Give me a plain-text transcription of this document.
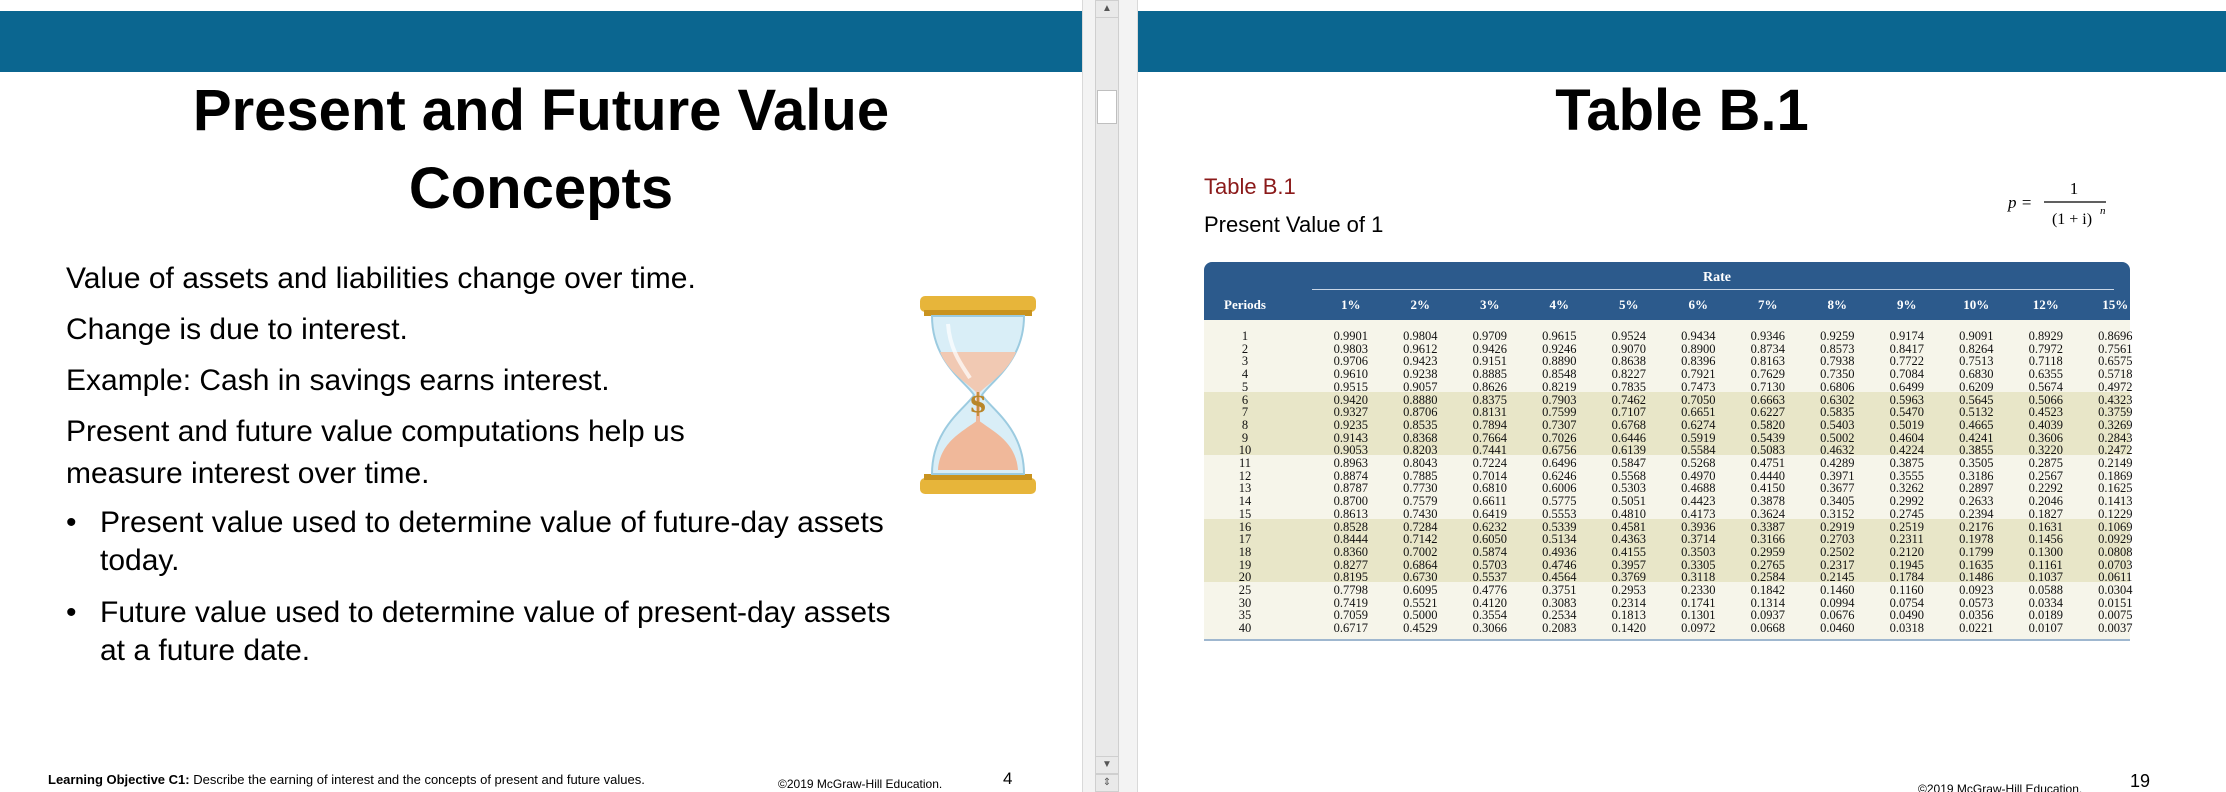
Present and Future Value
Concepts

Value of assets and liabilities change over time.

Change is due to interest.

Example: Cash in savings earns interest.

Present and future value computations help us measure interest over time.

• Present value used to determine value of future-day assets today.
• Future value used to determine value of present-day assets at a future date.
$
Learning Objective C1: Describe the earning of interest and the concepts of present and future values.	©2019 McGraw-Hill Education.	4
▲
▼
⇕
Table B.1
Table B.1
Present Value of 1
p =
1
(1 + i) n
Rate
Periods	1%	2%	3%	4%	5%	6%	7%	8%	9%	10%	12%	15%
1	0.9901	0.9804	0.9709	0.9615	0.9524	0.9434	0.9346	0.9259	0.9174	0.9091	0.8929	0.8696
2	0.9803	0.9612	0.9426	0.9246	0.9070	0.8900	0.8734	0.8573	0.8417	0.8264	0.7972	0.7561
3	0.9706	0.9423	0.9151	0.8890	0.8638	0.8396	0.8163	0.7938	0.7722	0.7513	0.7118	0.6575
4	0.9610	0.9238	0.8885	0.8548	0.8227	0.7921	0.7629	0.7350	0.7084	0.6830	0.6355	0.5718
5	0.9515	0.9057	0.8626	0.8219	0.7835	0.7473	0.7130	0.6806	0.6499	0.6209	0.5674	0.4972
6	0.9420	0.8880	0.8375	0.7903	0.7462	0.7050	0.6663	0.6302	0.5963	0.5645	0.5066	0.4323
7	0.9327	0.8706	0.8131	0.7599	0.7107	0.6651	0.6227	0.5835	0.5470	0.5132	0.4523	0.3759
8	0.9235	0.8535	0.7894	0.7307	0.6768	0.6274	0.5820	0.5403	0.5019	0.4665	0.4039	0.3269
9	0.9143	0.8368	0.7664	0.7026	0.6446	0.5919	0.5439	0.5002	0.4604	0.4241	0.3606	0.2843
10	0.9053	0.8203	0.7441	0.6756	0.6139	0.5584	0.5083	0.4632	0.4224	0.3855	0.3220	0.2472
11	0.8963	0.8043	0.7224	0.6496	0.5847	0.5268	0.4751	0.4289	0.3875	0.3505	0.2875	0.2149
12	0.8874	0.7885	0.7014	0.6246	0.5568	0.4970	0.4440	0.3971	0.3555	0.3186	0.2567	0.1869
13	0.8787	0.7730	0.6810	0.6006	0.5303	0.4688	0.4150	0.3677	0.3262	0.2897	0.2292	0.1625
14	0.8700	0.7579	0.6611	0.5775	0.5051	0.4423	0.3878	0.3405	0.2992	0.2633	0.2046	0.1413
15	0.8613	0.7430	0.6419	0.5553	0.4810	0.4173	0.3624	0.3152	0.2745	0.2394	0.1827	0.1229
16	0.8528	0.7284	0.6232	0.5339	0.4581	0.3936	0.3387	0.2919	0.2519	0.2176	0.1631	0.1069
17	0.8444	0.7142	0.6050	0.5134	0.4363	0.3714	0.3166	0.2703	0.2311	0.1978	0.1456	0.0929
18	0.8360	0.7002	0.5874	0.4936	0.4155	0.3503	0.2959	0.2502	0.2120	0.1799	0.1300	0.0808
19	0.8277	0.6864	0.5703	0.4746	0.3957	0.3305	0.2765	0.2317	0.1945	0.1635	0.1161	0.0703
20	0.8195	0.6730	0.5537	0.4564	0.3769	0.3118	0.2584	0.2145	0.1784	0.1486	0.1037	0.0611
25	0.7798	0.6095	0.4776	0.3751	0.2953	0.2330	0.1842	0.1460	0.1160	0.0923	0.0588	0.0304
30	0.7419	0.5521	0.4120	0.3083	0.2314	0.1741	0.1314	0.0994	0.0754	0.0573	0.0334	0.0151
35	0.7059	0.5000	0.3554	0.2534	0.1813	0.1301	0.0937	0.0676	0.0490	0.0356	0.0189	0.0075
40	0.6717	0.4529	0.3066	0.2083	0.1420	0.0972	0.0668	0.0460	0.0318	0.0221	0.0107	0.0037
©2019 McGraw-Hill Education.	19
